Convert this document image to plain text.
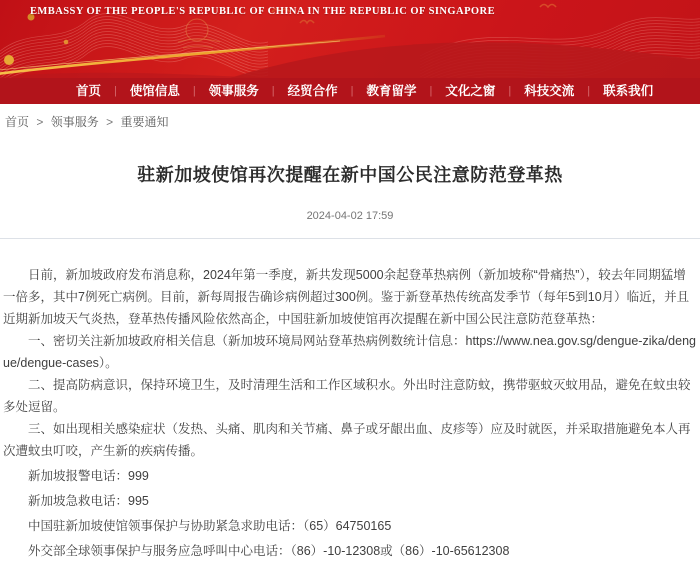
EMBASSY OF THE PEOPLE'S REPUBLIC OF CHINA IN THE REPUBLIC OF SINGAPORE
首页	|	使馆信息	|	领事服务	|	经贸合作	|	教育留学	|	文化之窗	|	科技交流	|	联系我们
首页 > 领事服务 > 重要通知
驻新加坡使馆再次提醒在新中国公民注意防范登革热
2024-04-02 17:59

日前，新加坡政府发布消息称，2024年第一季度，新共发现5000余起登革热病例（新加坡称“骨痛热”），较去年同期猛增一倍多，其中7例死亡病例。目前，新每周报告确诊病例超过300例。鉴于新登革热传统高发季节（每年5到10月）临近，并且近期新加坡天气炎热，登革热传播风险依然高企，中国驻新加坡使馆再次提醒在新中国公民注意防范登革热：

一、密切关注新加坡政府相关信息（新加坡环境局网站登革热病例数统计信息：https://www.nea.gov.sg/dengue-zika/dengue/dengue-cases）。

二、提高防病意识，保持环境卫生，及时清理生活和工作区域积水。外出时注意防蚊，携带驱蚊灭蚊用品，避免在蚊虫较多处逗留。

三、如出现相关感染症状（发热、头痛、肌肉和关节痛、鼻子或牙龈出血、皮疹等）应及时就医，并采取措施避免本人再次遭蚊虫叮咬，产生新的疾病传播。

新加坡报警电话：999

新加坡急救电话：995

中国驻新加坡使馆领事保护与协助紧急求助电话：（65）64750165

外交部全球领事保护与服务应急呼叫中心电话：（86）-10-12308或（86）-10-65612308
